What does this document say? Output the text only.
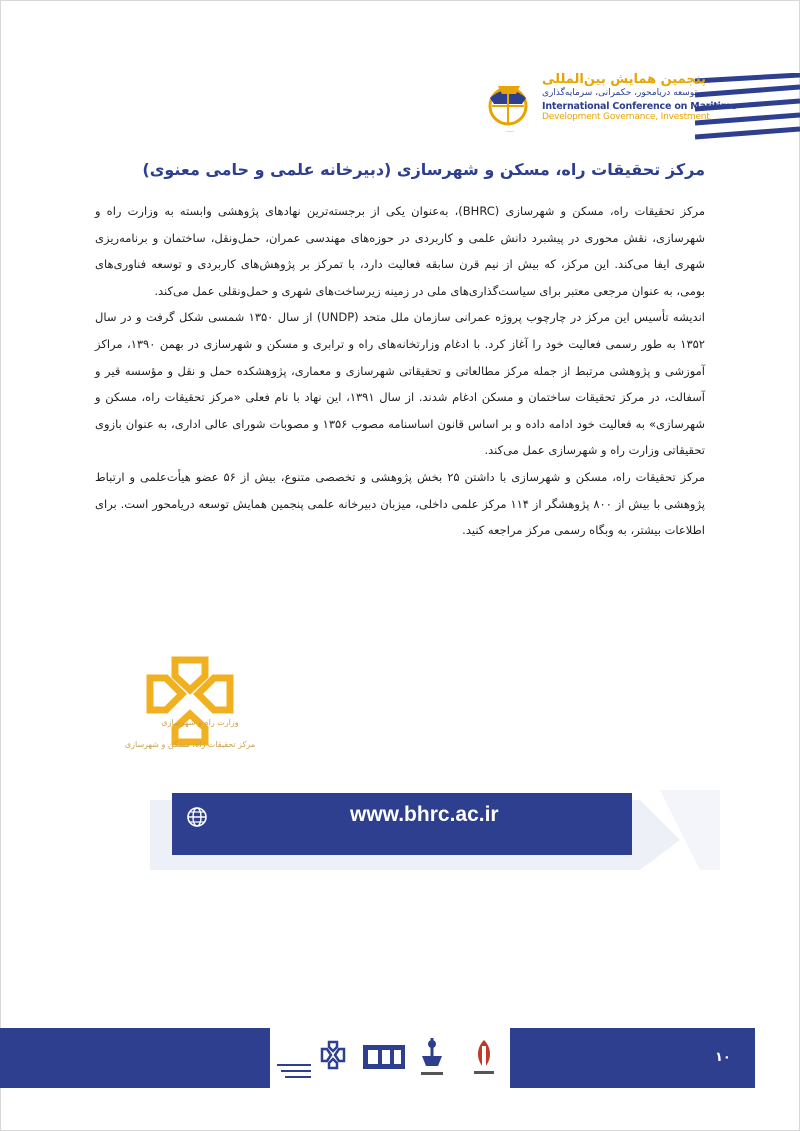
___
پنجمین همایش بین‌المللی
توسعه دریامحور، حکمرانی، سرمایه‌گذاری
International Conference on Maritime
Development Governance, Investment
مرکز تحقیقات راه، مسکن و شهرسازی (دبیرخانه علمی و حامی معنوی)

مرکز تحقیقات راه، مسکن و شهرسازی (BHRC)، به‌عنوان یکی از برجسته‌ترین نهادهای پژوهشی وابسته به وزارت راه و شهرسازی، نقش محوری در پیشبرد دانش علمی و کاربردی در حوزه‌های مهندسی عمران، حمل‌ونقل، ساختمان و برنامه‌ریزی شهری ایفا می‌کند. این مرکز، که بیش از نیم قرن سابقه فعالیت دارد، با تمرکز بر پژوهش‌های کاربردی و توسعه فناوری‌های بومی، به عنوان مرجعی معتبر برای سیاست‌گذاری‌های ملی در زمینه زیرساخت‌های شهری و حمل‌ونقلی عمل می‌کند.

اندیشه تأسیس این مرکز در چارچوب پروژه عمرانی سازمان ملل متحد (UNDP) از سال ۱۳۵۰ شمسی شکل گرفت و در سال ۱۳۵۲ به طور رسمی فعالیت خود را آغاز کرد. با ادغام وزارتخانه‌های راه و ترابری و مسکن و شهرسازی در بهمن ۱۳۹۰، مراکز آموزشی و پژوهشی مرتبط از جمله مرکز مطالعاتی و تحقیقاتی شهرسازی و معماری، پژوهشکده حمل و نقل و مؤسسه قیر و آسفالت، در مرکز تحقیقات ساختمان و مسکن ادغام شدند. از سال ۱۳۹۱، این نهاد با نام فعلی «مرکز تحقیقات راه، مسکن و شهرسازی» به فعالیت خود ادامه داده و بر اساس قانون اساسنامه مصوب ۱۳۵۶ و مصوبات شورای عالی اداری، به عنوان بازوی تحقیقاتی وزارت راه و شهرسازی عمل می‌کند.

مرکز تحقیقات راه، مسکن و شهرسازی با داشتن ۲۵ بخش پژوهشی و تخصصی متنوع، بیش از ۵۶ عضو هیأت‌علمی و ارتباط پژوهشی با بیش از ۸۰۰ پژوهشگر از ۱۱۴ مرکز علمی داخلی، میزبان دبیرخانه علمی پنجمین همایش توسعه دریامحور است. برای اطلاعات بیشتر، به وبگاه رسمی مرکز مراجعه کنید.

وزارت راه و شهرسازی
مرکز تحقیقات راه، مسکن و شهرسازی
www.bhrc.ac.ir
۱۰
